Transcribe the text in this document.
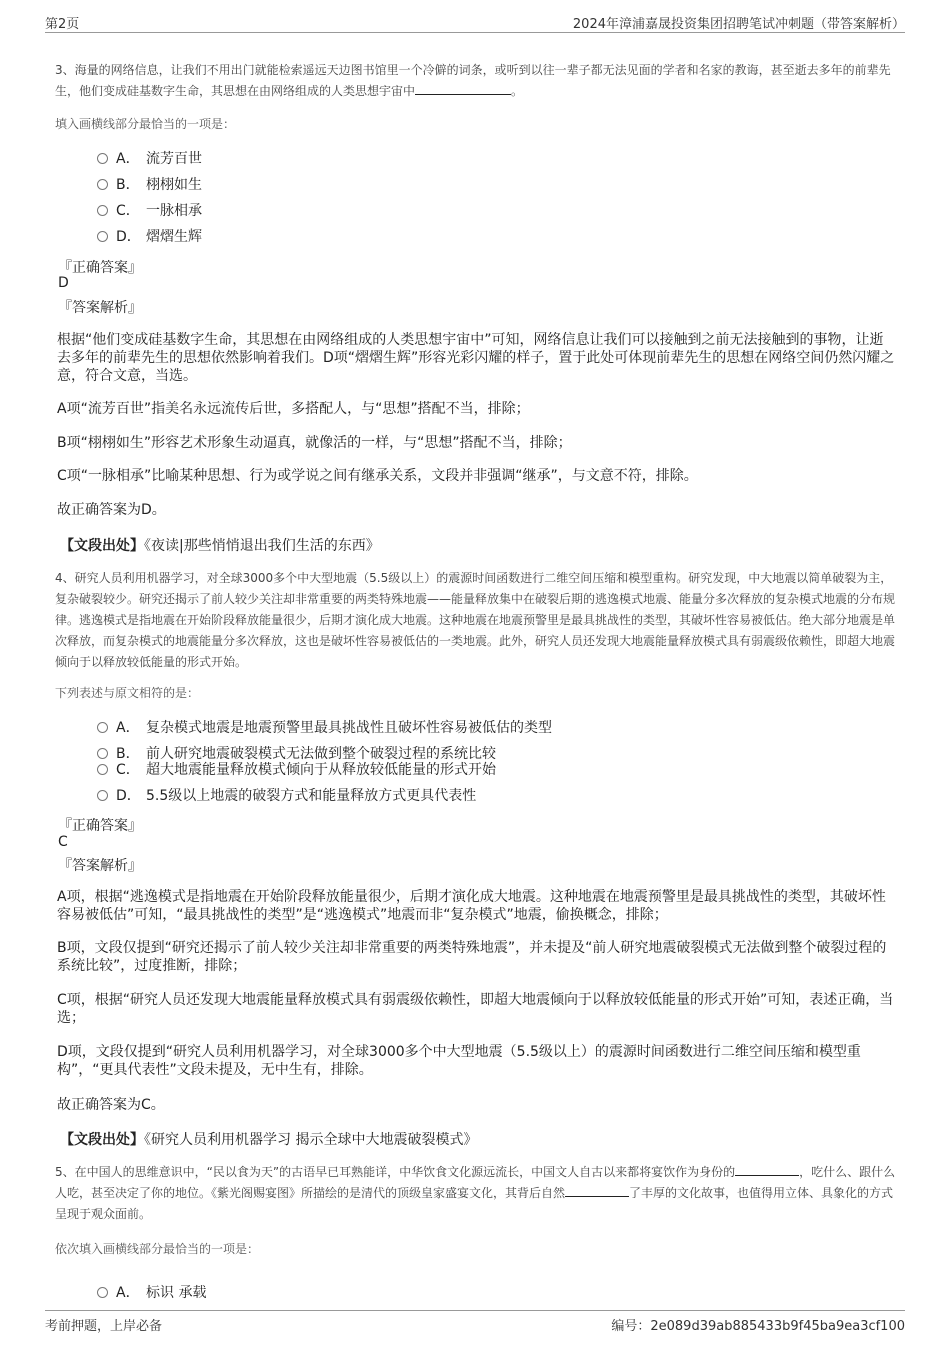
第2页	2024年漳浦嘉晟投资集团招聘笔试冲刺题（带答案解析）

3、海量的网络信息，让我们不用出门就能检索遥远天边图书馆里一个冷僻的词条，或听到以往一辈子都无法见面的学者和名家的教诲，甚至逝去多年的前辈先生，他们变成硅基数字生命，其思想在由网络组成的人类思想宇宙中	。

填入画横线部分最恰当的一项是：
A． 流芳百世
B． 栩栩如生
C． 一脉相承
D． 熠熠生辉
『正确答案』
D
『答案解析』

根据“他们变成硅基数字生命，其思想在由网络组成的人类思想宇宙中”可知，网络信息让我们可以接触到之前无法接触到的事物，让逝去多年的前辈先生的思想依然影响着我们。D项“熠熠生辉”形容光彩闪耀的样子，置于此处可体现前辈先生的思想在网络空间仍然闪耀之意，符合文意，当选。

A项“流芳百世”指美名永远流传后世，多搭配人，与“思想”搭配不当，排除；

B项“栩栩如生”形容艺术形象生动逼真，就像活的一样，与“思想”搭配不当，排除；

C项“一脉相承”比喻某种思想、行为或学说之间有继承关系，文段并非强调“继承”，与文意不符，排除。

故正确答案为D。

【文段出处】《夜读|那些悄悄退出我们生活的东西》

4、研究人员利用机器学习，对全球3000多个中大型地震（5.5级以上）的震源时间函数进行二维空间压缩和模型重构。研究发现，中大地震以简单破裂为主，复杂破裂较少。研究还揭示了前人较少关注却非常重要的两类特殊地震——能量释放集中在破裂后期的逃逸模式地震、能量分多次释放的复杂模式地震的分布规律。逃逸模式是指地震在开始阶段释放能量很少，后期才演化成大地震。这种地震在地震预警里是最具挑战性的类型，其破坏性容易被低估。绝大部分地震是单次释放，而复杂模式的地震能量分多次释放，这也是破坏性容易被低估的一类地震。此外，研究人员还发现大地震能量释放模式具有弱震级依赖性，即超大地震倾向于以释放较低能量的形式开始。

下列表述与原文相符的是：
A． 复杂模式地震是地震预警里最具挑战性且破坏性容易被低估的类型
B． 前人研究地震破裂模式无法做到整个破裂过程的系统比较
C． 超大地震能量释放模式倾向于从释放较低能量的形式开始
D． 5.5级以上地震的破裂方式和能量释放方式更具代表性
『正确答案』
C
『答案解析』

A项，根据“逃逸模式是指地震在开始阶段释放能量很少，后期才演化成大地震。这种地震在地震预警里是最具挑战性的类型，其破坏性容易被低估”可知，“最具挑战性的类型”是“逃逸模式”地震而非“复杂模式”地震，偷换概念，排除；

B项，文段仅提到“研究还揭示了前人较少关注却非常重要的两类特殊地震”，并未提及“前人研究地震破裂模式无法做到整个破裂过程的系统比较”，过度推断，排除；

C项，根据“研究人员还发现大地震能量释放模式具有弱震级依赖性，即超大地震倾向于以释放较低能量的形式开始”可知，表述正确，当选；

D项，文段仅提到“研究人员利用机器学习，对全球3000多个中大型地震（5.5级以上）的震源时间函数进行二维空间压缩和模型重构”，“更具代表性”文段未提及，无中生有，排除。

故正确答案为C。

【文段出处】《研究人员利用机器学习 揭示全球中大地震破裂模式》

5、在中国人的思维意识中，“民以食为天”的古语早已耳熟能详，中华饮食文化源远流长，中国文人自古以来都将宴饮作为身份的	，吃什么、跟什么人吃，甚至决定了你的地位。《紫光阁赐宴图》所描绘的是清代的顶级皇家盛宴文化，其背后自然	了丰厚的文化故事，也值得用立体、具象化的方式呈现于观众面前。

依次填入画横线部分最恰当的一项是：
A． 标识 承载
考前押题，上岸必备	编号：2e089d39ab885433b9f45ba9ea3cf100
